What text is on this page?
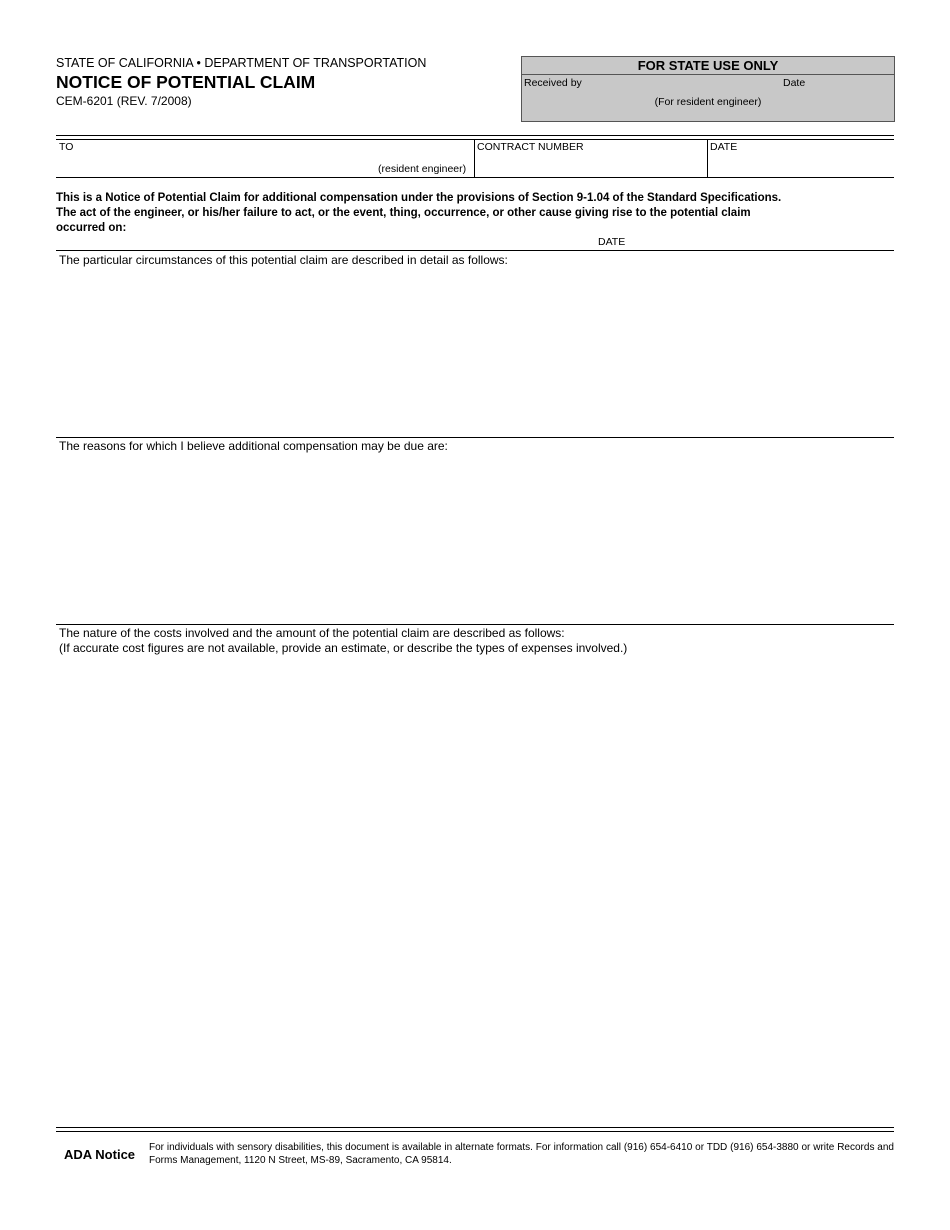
STATE OF CALIFORNIA • DEPARTMENT OF TRANSPORTATION
NOTICE OF POTENTIAL CLAIM
CEM-6201 (REV. 7/2008)
FOR STATE USE ONLY
Received by	Date
(For resident engineer)
TO
(resident engineer)
CONTRACT NUMBER	DATE
This is a Notice of Potential Claim for additional compensation under the provisions of Section 9-1.04 of the Standard Specifications.
The act of the engineer, or his/her failure to act, or the event, thing, occurrence, or other cause giving rise to the potential claim
occurred on:
DATE
The particular circumstances of this potential claim are described in detail as follows:
The reasons for which I believe additional compensation may be due are:
The nature of the costs involved and the amount of the potential claim are described as follows:
(If accurate cost figures are not available, provide an estimate, or describe the types of expenses involved.)
ADA Notice For individuals with sensory disabilities, this document is available in alternate formats. For information call (916) 654-6410 or TDD (916) 654-3880 or write Records and Forms Management, 1120 N Street, MS-89, Sacramento, CA 95814.
